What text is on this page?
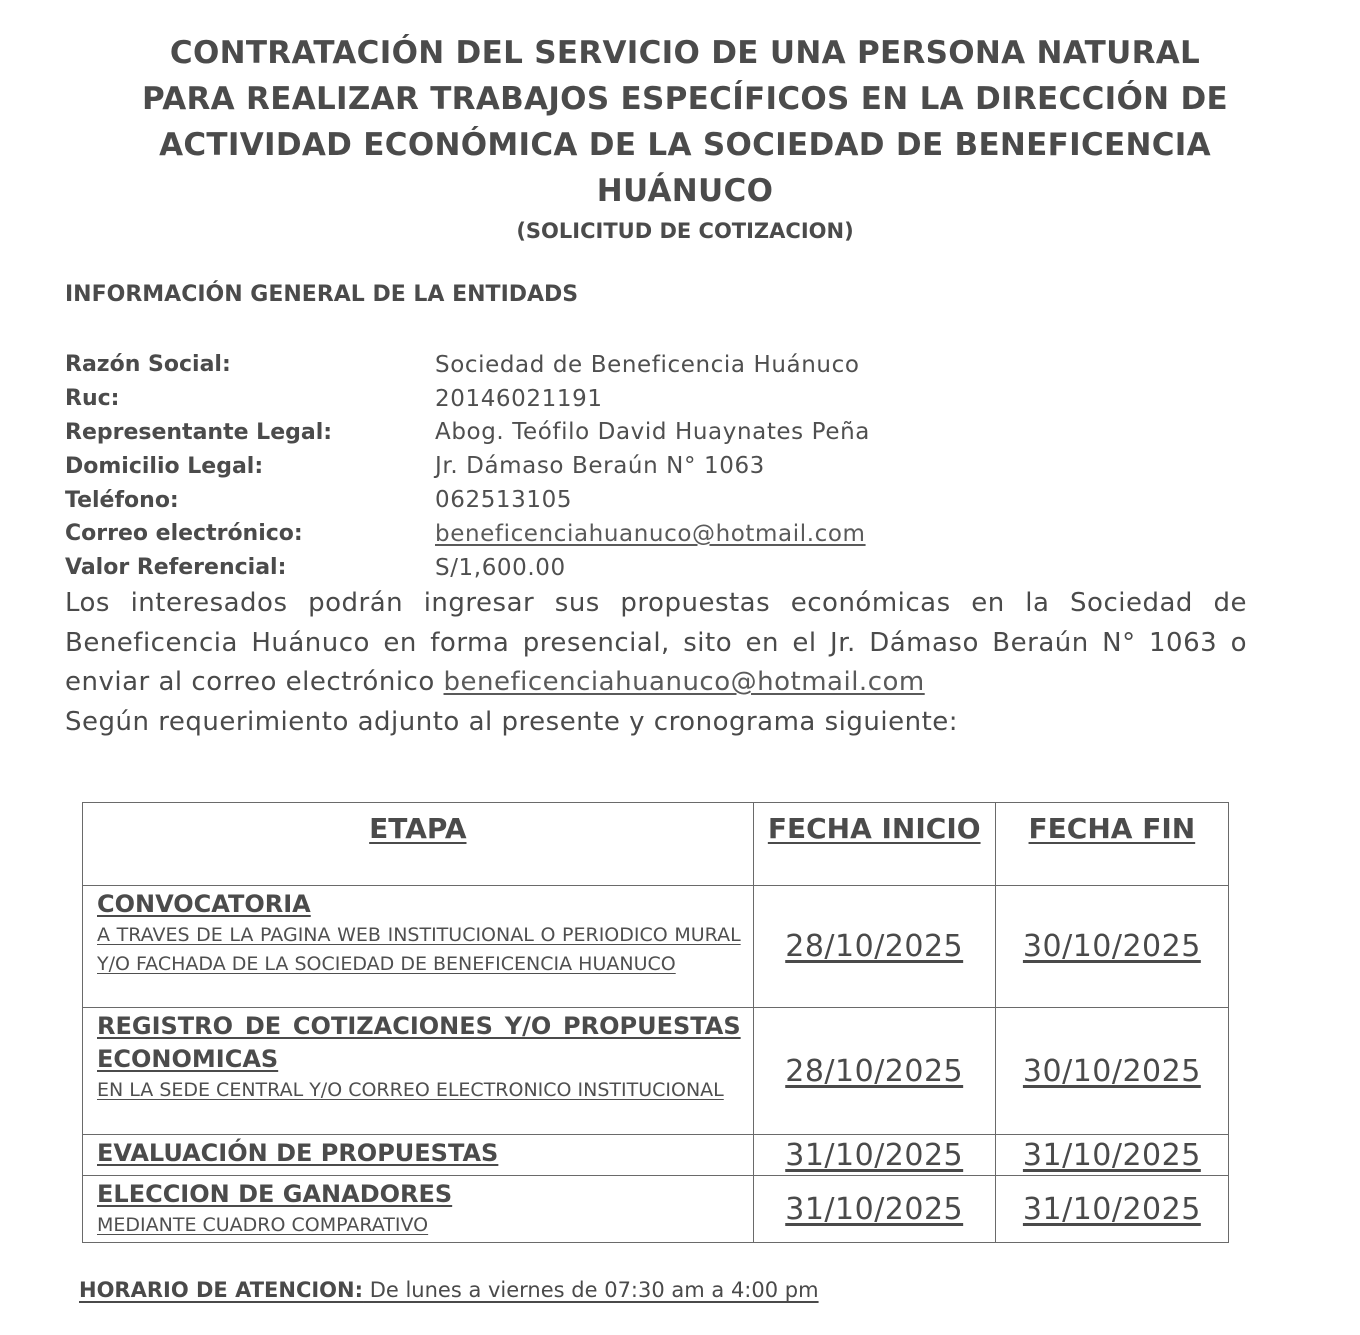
CONTRATACIÓN DEL SERVICIO DE UNA PERSONA NATURAL
PARA REALIZAR TRABAJOS ESPECÍFICOS EN LA DIRECCIÓN DE
ACTIVIDAD ECONÓMICA DE LA SOCIEDAD DE BENEFICENCIA
HUÁNUCO
(SOLICITUD DE COTIZACION)
INFORMACIÓN GENERAL DE LA ENTIDADS
Razón Social:	Sociedad de Beneficencia Huánuco
Ruc:	20146021191
Representante Legal:	Abog. Teófilo David Huaynates Peña
Domicilio Legal:	Jr. Dámaso Beraún N° 1063
Teléfono:	062513105
Correo electrónico:	beneficenciahuanuco@hotmail.com
Valor Referencial:	S/1,600.00

Los interesados podrán ingresar sus propuestas económicas en la Sociedad de Beneficencia Huánuco en forma presencial, sito en el Jr. Dámaso Beraún N° 1063 o enviar al correo electrónico beneficenciahuanuco@hotmail.com

Según requerimiento adjunto al presente y cronograma siguiente:

ETAPA	FECHA INICIO	FECHA FIN

CONVOCATORIA
A TRAVES DE LA PAGINA WEB INSTITUCIONAL O PERIODICO MURAL Y/O FACHADA DE LA SOCIEDAD DE BENEFICENCIA HUANUCO	28/10/2025	30/10/2025

REGISTRO DE COTIZACIONES Y/O PROPUESTAS ECONOMICAS
EN LA SEDE CENTRAL Y/O CORREO ELECTRONICO INSTITUCIONAL	28/10/2025	30/10/2025

EVALUACIÓN DE PROPUESTAS	31/10/2025	31/10/2025

ELECCION DE GANADORES
MEDIANTE CUADRO COMPARATIVO	31/10/2025	31/10/2025
HORARIO DE ATENCION: De lunes a viernes de 07:30 am a 4:00 pm
